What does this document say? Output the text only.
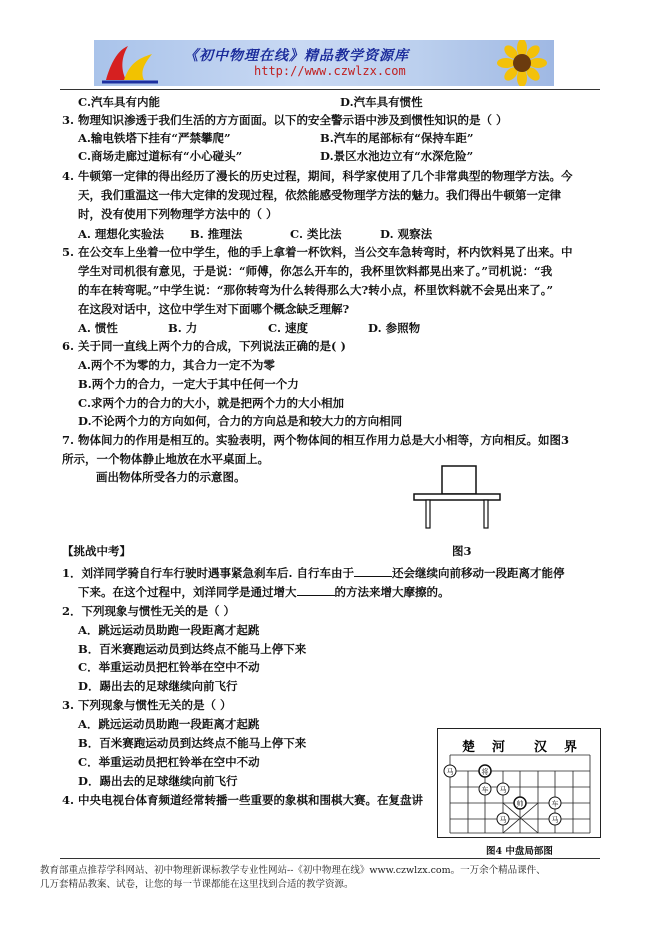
《初中物理在线》精品教学资源库
http://www.czwlzx.com
C.汽车具有内能	D.汽车具有惯性
3. 物理知识渗透于我们生活的方方面面。以下的安全警示语中涉及到惯性知识的是（ ）
A.输电铁塔下挂有“严禁攀爬”	B.汽车的尾部标有“保持车距”
C.商场走廊过道标有“小心碰头”	D.景区水池边立有“水深危险”
4. 牛顿第一定律的得出经历了漫长的历史过程，期间，科学家使用了几个非常典型的物理学方法。今
天，我们重温这一伟大定律的发现过程，依然能感受物理学方法的魅力。我们得出牛顿第一定律
时，没有使用下列物理学方法中的（ ）
A. 理想化实验法 B. 推理法	C. 类比法	D. 观察法
5. 在公交车上坐着一位中学生，他的手上拿着一杯饮料，当公交车急转弯时，杯内饮料晃了出来。中
学生对司机很有意见，于是说：“师傅，你怎么开车的，我杯里饮料都晃出来了。”司机说：“我
的车在转弯呢。”中学生说：“那你转弯为什么转得那么大?转小点，杯里饮料就不会晃出来了。”
在这段对话中，这位中学生对下面哪个概念缺乏理解?
A. 惯性	B. 力	C. 速度	D. 参照物
6. 关于同一直线上两个力的合成，下列说法正确的是( )
A.两个不为零的力，其合力一定不为零
B.两个力的合力，一定大于其中任何一个力
C.求两个力的合力的大小，就是把两个力的大小相加
D.不论两个力的方向如何，合力的方向总是和较大力的方向相同
7. 物体间力的作用是相互的。实验表明，两个物体间的相互作用力总是大小相等，方向相反。如图3
所示，一个物体静止地放在水平桌面上。
画出物体所受各力的示意图。
图3
【挑战中考】
1．刘洋同学骑自行车行驶时遇事紧急刹车后. 自行车由于	还会继续向前移动一段距离才能停
下来。在这个过程中，刘洋同学是通过增大	的方法来增大摩擦的。
2．下列现象与惯性无关的是（ ）
A．跳远运动员助跑一段距离才起跳
B．百米赛跑运动员到达终点不能马上停下来
C．举重运动员把杠铃举在空中不动
D．踢出去的足球继续向前飞行
3. 下列现象与惯性无关的是（ ）
A．跳远运动员助跑一段距离才起跳
B．百米赛跑运动员到达终点不能马上停下来
C．举重运动员把杠铃举在空中不动
D．踢出去的足球继续向前飞行
4. 中央电视台体育频道经常转播一些重要的象棋和围棋大赛。在复盘讲
楚 河 汉 界
马	将
车 马
帅
马
车
马
图4 中盘局部图
教育部重点推荐学科网站、初中物理新课标教学专业性网站--《初中物理在线》www.czwlzx.com。一万余个精品课件、
几万套精品教案、试卷，让您的每一节课都能在这里找到合适的教学资源。
